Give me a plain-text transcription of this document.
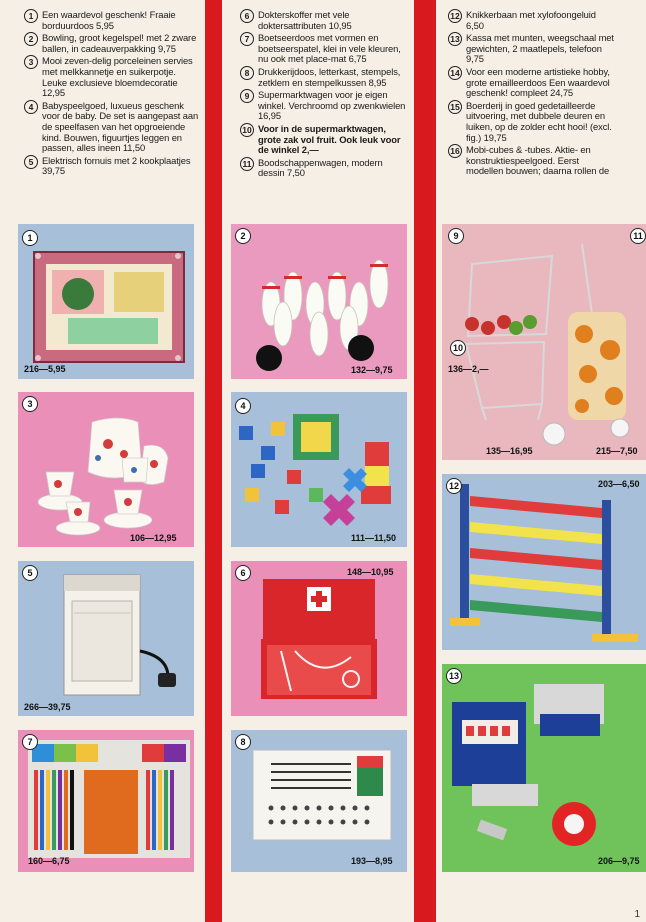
1 Een waardevol geschenk! Fraaie borduurdoos 5,95
2 Bowling, groot kegelspel! met 2 zware ballen, in cadeauverpakking 9,75
3 Mooi zeven-delig porceleinen servies met melkkannetje en suikerpotje. Leuke exclusieve bloemdecoratie 12,95
4 Babyspeelgoed, luxueus geschenk voor de baby. De set is aangepast aan de speelfasen van het opgroeiende kind. Bouwen, figuurtjes leggen en passen, alles ineen 11,50
5 Elektrisch fornuis met 2 kookplaatjes 39,75
6 Dokterskoffer met vele doktersattributen 10,95
7 Boetseerdoos met vormen en boetseerspatel, klei in vele kleuren, nu ook met place-mat 6,75
8 Drukkerijdoos, letterkast, stempels, zetklem en stempelkussen 8,95
9 Supermarktwagen voor je eigen winkel. Verchroomd op zwenkwielen 16,95
10 Voor in de supermarktwagen, grote zak vol fruit. Ook leuk voor de winkel 2,—
11 Boodschappenwagen, modern dessin 7,50
12 Knikkerbaan met xylofoongeluid 6,50
13 Kassa met munten, weegschaal met gewichten, 2 maatlepels, telefoon 9,75
14 Voor een moderne artistieke hobby, grote emailleerdoos Een waardevol geschenk! compleet 24,75
15 Boerderij in goed gedetailleerde uitvoering, met dubbele deuren en luiken, op de zolder echt hooi! (excl. fig.) 19,75
16 Mobi-cubes & -tubes. Aktie- en konstruktiespeelgoed. Eerst modellen bouwen; daarna rollen de
1
216—5,95
2
132—9,75
9
10
11
136—2,—
135—16,95	215—7,50
3
106—12,95
4
111—11,50
12	203—6,50
5
266—39,75
6	148—10,95
13
206—9,75
7
160—6,75
8
193—8,95
1
